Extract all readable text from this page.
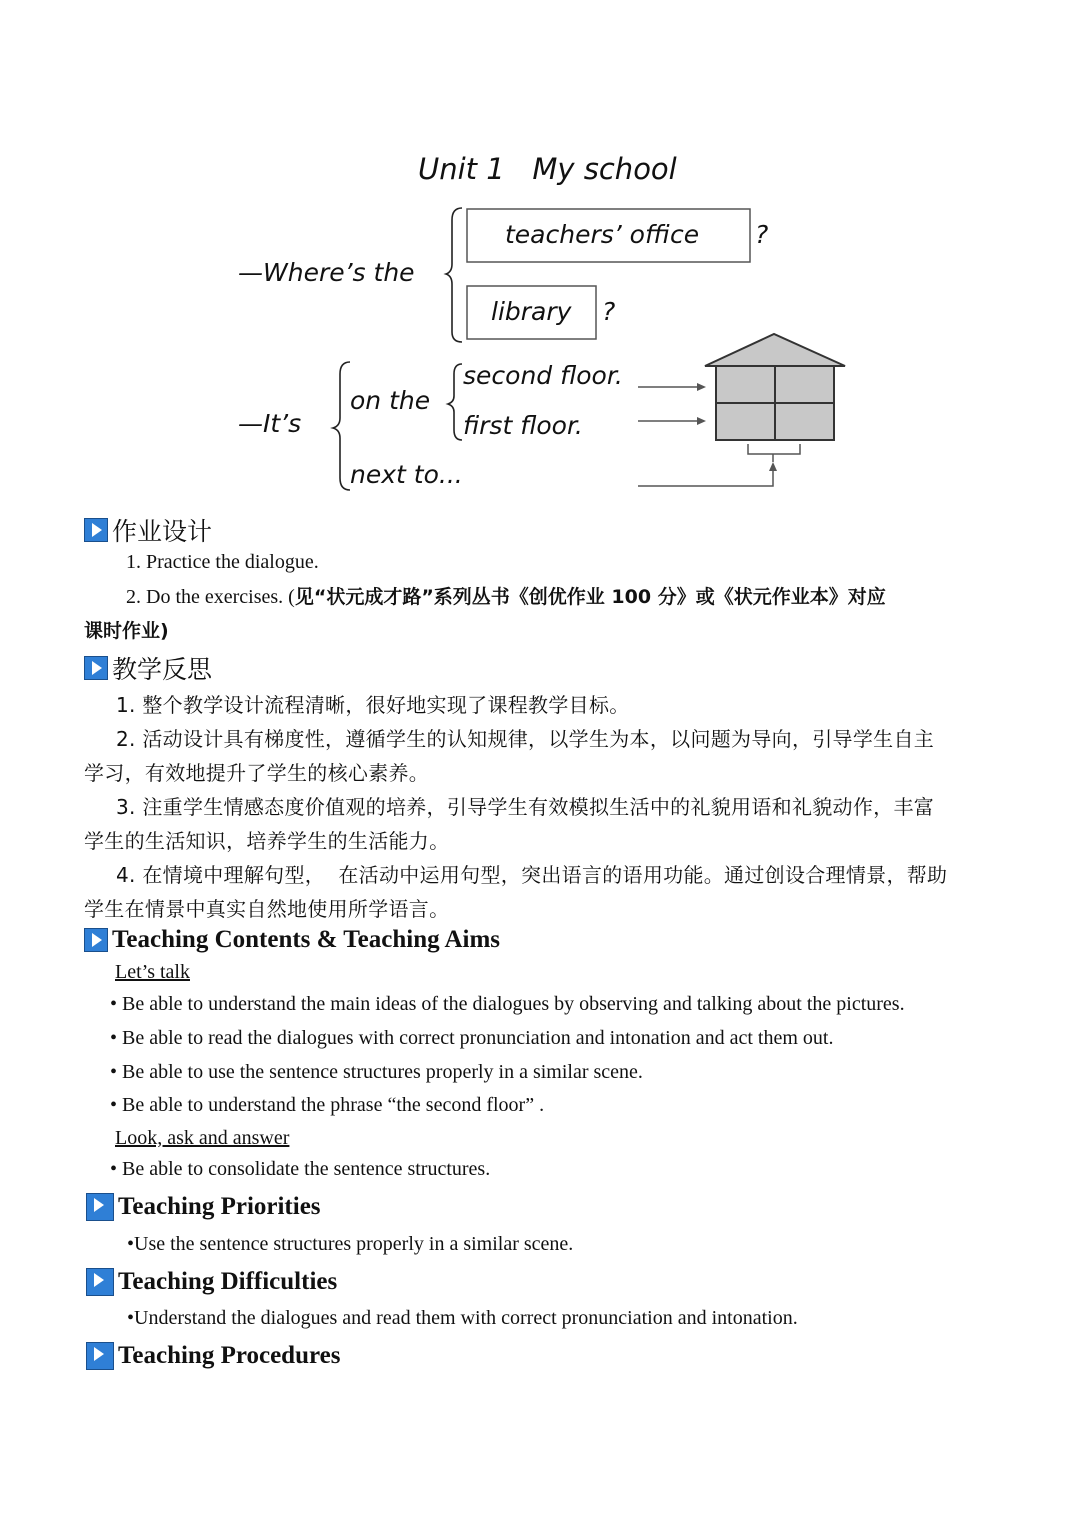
Unit 1   My school
—Where’s the
teachers’ office ?
library ?
—It’s
on the
second floor.
first floor.
next to...
作业设计
1. Practice the dialogue.
2. Do the exercises. (见“状元成才路”系列丛书《创优作业 100 分》或《状元作业本》对应
课时作业)
教学反思
1. 整个教学设计流程清晰，很好地实现了课程教学目标。
2. 活动设计具有梯度性，遵循学生的认知规律，以学生为本，以问题为导向，引导学生自主
学习，有效地提升了学生的核心素养。
3. 注重学生情感态度价值观的培养，引导学生有效模拟生活中的礼貌用语和礼貌动作，丰富
学生的生活知识，培养学生的生活能力。
4. 在情境中理解句型，  在活动中运用句型，突出语言的语用功能。通过创设合理情景，帮助
学生在情景中真实自然地使用所学语言。
Teaching Contents & Teaching Aims
Let’s talk
• Be able to understand the main ideas of the dialogues by observing and talking about the pictures.
• Be able to read the dialogues with correct pronunciation and intonation and act them out.
• Be able to use the sentence structures properly in a similar scene.
• Be able to understand the phrase “the second floor” .
Look, ask and answer
• Be able to consolidate the sentence structures.
Teaching Priorities
•Use the sentence structures properly in a similar scene.
Teaching Difficulties
•Understand the dialogues and read them with correct pronunciation and intonation.
Teaching Procedures
